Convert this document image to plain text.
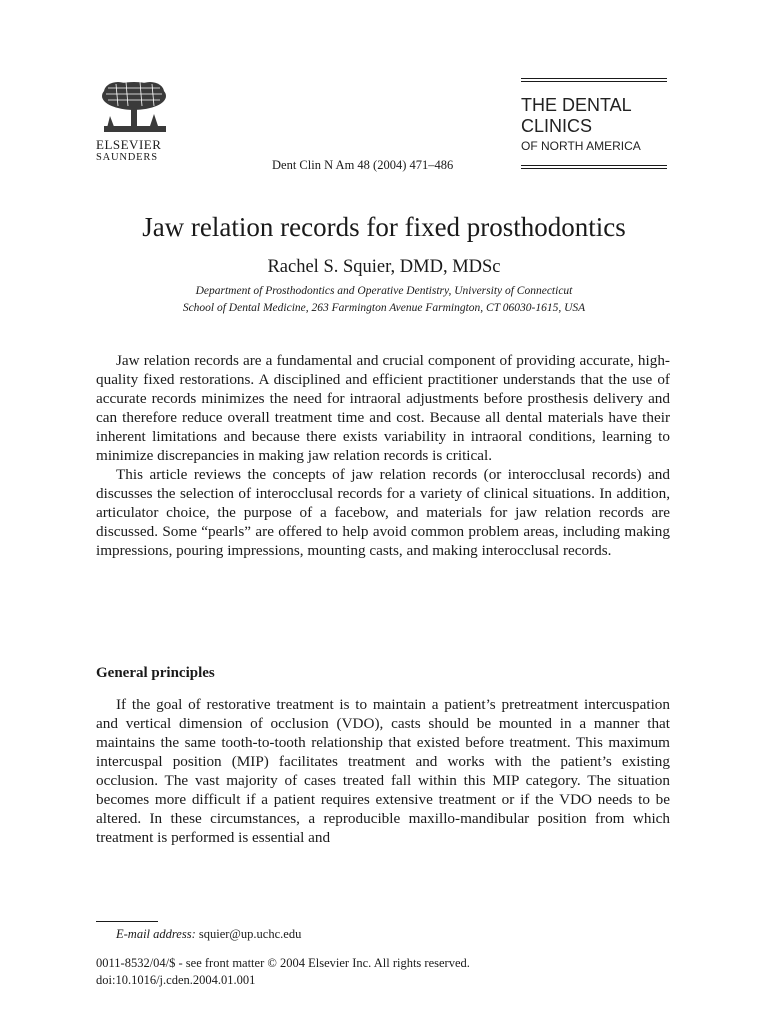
ELSEVIER
SAUNDERS
Dent Clin N Am 48 (2004) 471–486
THE DENTAL
CLINICS
OF NORTH AMERICA
Jaw relation records for fixed prosthodontics
Rachel S. Squier, DMD, MDSc
Department of Prosthodontics and Operative Dentistry, University of Connecticut
School of Dental Medicine, 263 Farmington Avenue Farmington, CT 06030-1615, USA

Jaw relation records are a fundamental and crucial component of providing accurate, high-quality fixed restorations. A disciplined and efficient practitioner understands that the use of accurate records minimizes the need for intraoral adjustments before prosthesis delivery and can therefore reduce overall treatment time and cost. Because all dental materials have their inherent limitations and because there exists variability in intraoral conditions, learning to minimize discrepancies in making jaw relation records is critical.

This article reviews the concepts of jaw relation records (or interocclusal records) and discusses the selection of interocclusal records for a variety of clinical situations. In addition, articulator choice, the purpose of a facebow, and materials for jaw relation records are discussed. Some “pearls” are offered to help avoid common problem areas, including making impressions, pouring impressions, mounting casts, and making interocclusal records.

General principles

If the goal of restorative treatment is to maintain a patient’s pretreatment intercuspation and vertical dimension of occlusion (VDO), casts should be mounted in a manner that maintains the same tooth-to-tooth relationship that existed before treatment. This maximum intercuspal position (MIP) facilitates treatment and works with the patient’s existing occlusion. The vast majority of cases treated fall within this MIP category. The situation becomes more difficult if a patient requires extensive treatment or if the VDO needs to be altered. In these circumstances, a reproducible maxillo-mandibular position from which treatment is performed is essential and

E-mail address: squier@up.uchc.edu
0011-8532/04/$ - see front matter © 2004 Elsevier Inc. All rights reserved.
doi:10.1016/j.cden.2004.01.001
